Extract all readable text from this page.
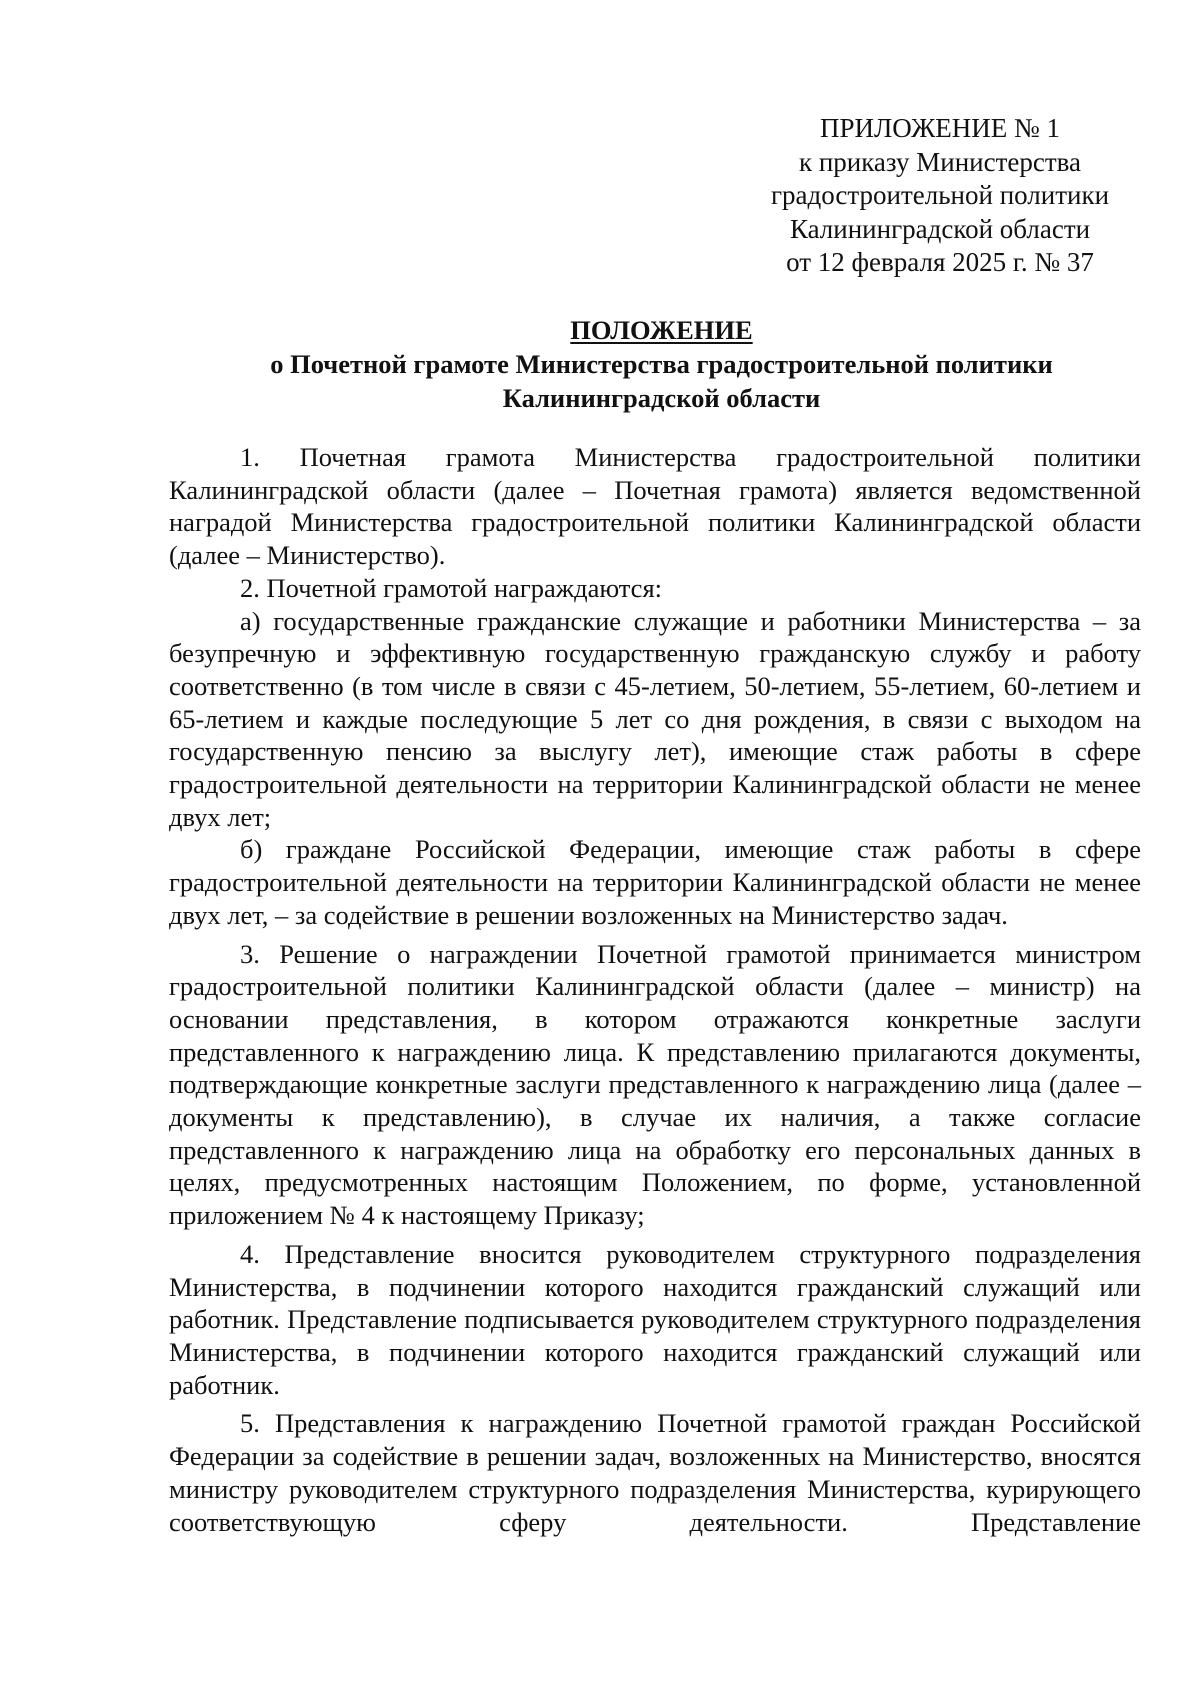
ПРИЛОЖЕНИЕ № 1
к приказу Министерства
градостроительной политики
Калининградской области
от 12 февраля 2025 г. № 37
ПОЛОЖЕНИЕ
о Почетной грамоте Министерства градостроительной политики
Калининградской области

1. Почетная грамота Министерства градостроительной политики Калининградской области (далее – Почетная грамота) является ведомственной наградой Министерства градостроительной политики Калининградской области (далее – Министерство).

2. Почетной грамотой награждаются:

а) государственные гражданские служащие и работники Министерства – за безупречную и эффективную государственную гражданскую службу и работу соответственно (в том числе в связи с 45-летием, 50-летием, 55-летием, 60-летием и 65-летием и каждые последующие 5 лет со дня рождения, в связи с выходом на государственную пенсию за выслугу лет), имеющие стаж работы в сфере градостроительной деятельности на территории Калининградской области не менее двух лет;

б) граждане Российской Федерации, имеющие стаж работы в сфере градостроительной деятельности на территории Калининградской области не менее двух лет, – за содействие в решении возложенных на Министерство задач.

3. Решение о награждении Почетной грамотой принимается министром градостроительной политики Калининградской области (далее – министр) на основании представления, в котором отражаются конкретные заслуги представленного к награждению лица. К представлению прилагаются документы, подтверждающие конкретные заслуги представленного к награждению лица (далее – документы к представлению), в случае их наличия, а также согласие представленного к награждению лица на обработку его персональных данных в целях, предусмотренных настоящим Положением, по форме, установленной приложением № 4 к настоящему Приказу;

4. Представление вносится руководителем структурного подразделения Министерства, в подчинении которого находится гражданский служащий или работник. Представление подписывается руководителем структурного подразделения Министерства, в подчинении которого находится гражданский служащий или работник.

5. Представления к награждению Почетной грамотой граждан Российской Федерации за содействие в решении задач, возложенных на Министерство, вносятся министру руководителем структурного подразделения Министерства, курирующего соответствующую сферу деятельности. Представление
